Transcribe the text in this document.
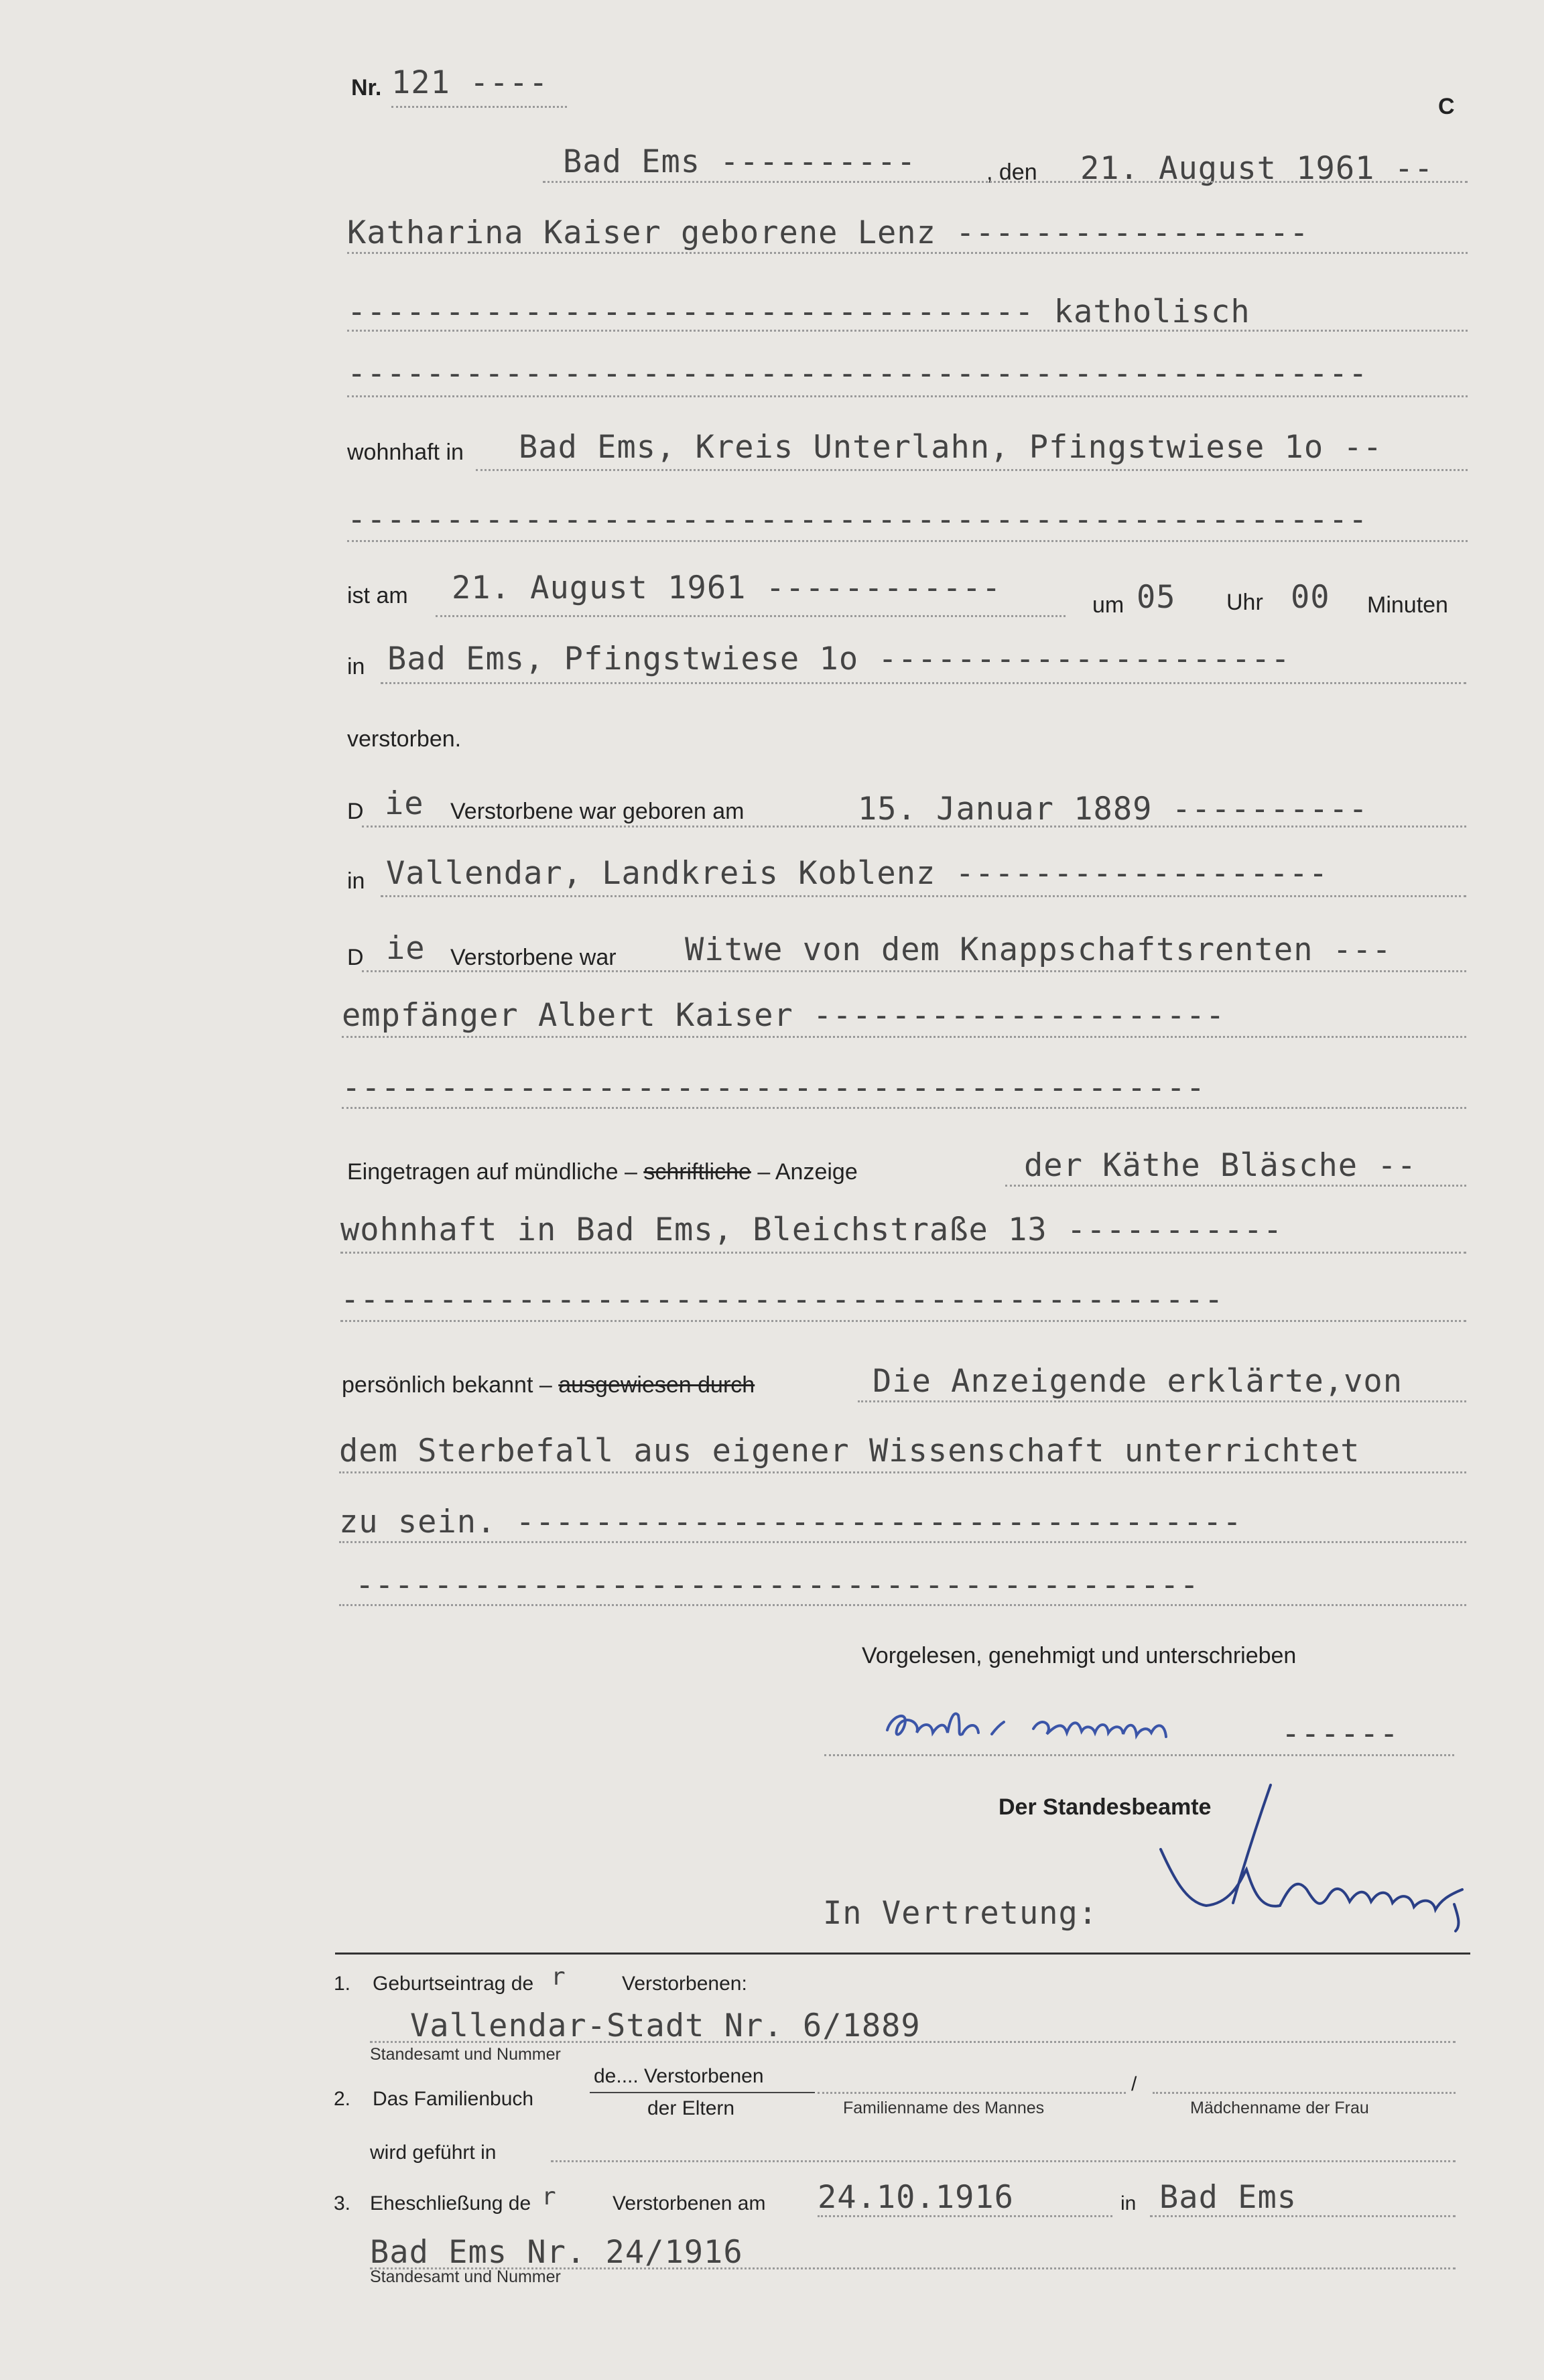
Nr. 121 ----
C
Bad Ems ----------	, den 21. August 1961 --
Katharina Kaiser geborene Lenz ------------------
----------------------------------- katholisch
----------------------------------------------------
wohnhaft in Bad Ems, Kreis Unterlahn, Pfingstwiese 1o --
----------------------------------------------------
ist am 21. August 1961 ------------	um 05 Uhr 00 Minuten
in Bad Ems, Pfingstwiese 1o ---------------------
verstorben.
D ie Verstorbene war geboren am	15. Januar 1889 ----------
in Vallendar, Landkreis Koblenz -------------------
D ie Verstorbene war Witwe von dem Knappschaftsrenten ---
empfänger Albert Kaiser ---------------------
--------------------------------------------
Eingetragen auf mündliche – schriftliche – Anzeige	der Käthe Bläsche --
wohnhaft in Bad Ems, Bleichstraße 13 -----------
---------------------------------------------
persönlich bekannt – ausgewiesen durch	Die Anzeigende erklärte,von
dem Sterbefall aus eigener Wissenschaft unterrichtet
zu sein. -------------------------------------
-------------------------------------------
Vorgelesen, genehmigt und unterschrieben
------
Der Standesbeamte
In Vertretung:
1. Geburtseintrag de r	Verstorbenen:
Vallendar-Stadt Nr. 6/1889
Standesamt und Nummer
2. Das Familienbuch
de.... Verstorbenen
der Eltern	Familienname des Mannes
/
Mädchenname der Frau
wird geführt in
3. Eheschließung de r	Verstorbenen am 24.10.1916	in Bad Ems
Bad Ems Nr. 24/1916
Standesamt und Nummer
